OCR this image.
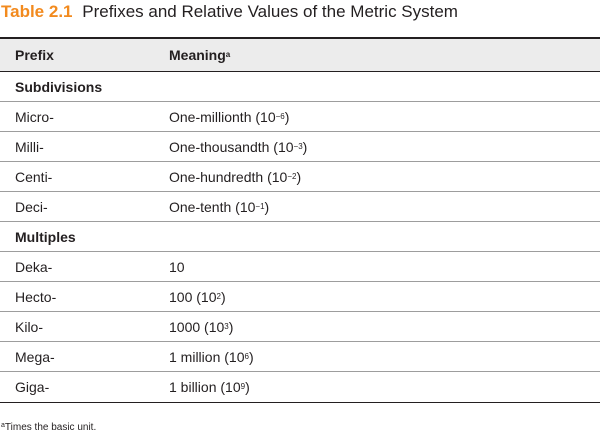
Table 2.1 Prefixes and Relative Values of the Metric System
Prefix	Meaning a
Subdivisions
Micro-	One-millionth (10 −6 )
Milli-	One-thousandth (10 −3 )
Centi-	One-hundredth (10 −2 )
Deci-	One-tenth (10 −1 )
Multiples
Deka-	10
Hecto-	100 (10 2 )
Kilo-	1000 (10 3 )
Mega-	1 million (10 6 )
Giga-	1 billion (10 9 )
$^a$Times the basic unit.
